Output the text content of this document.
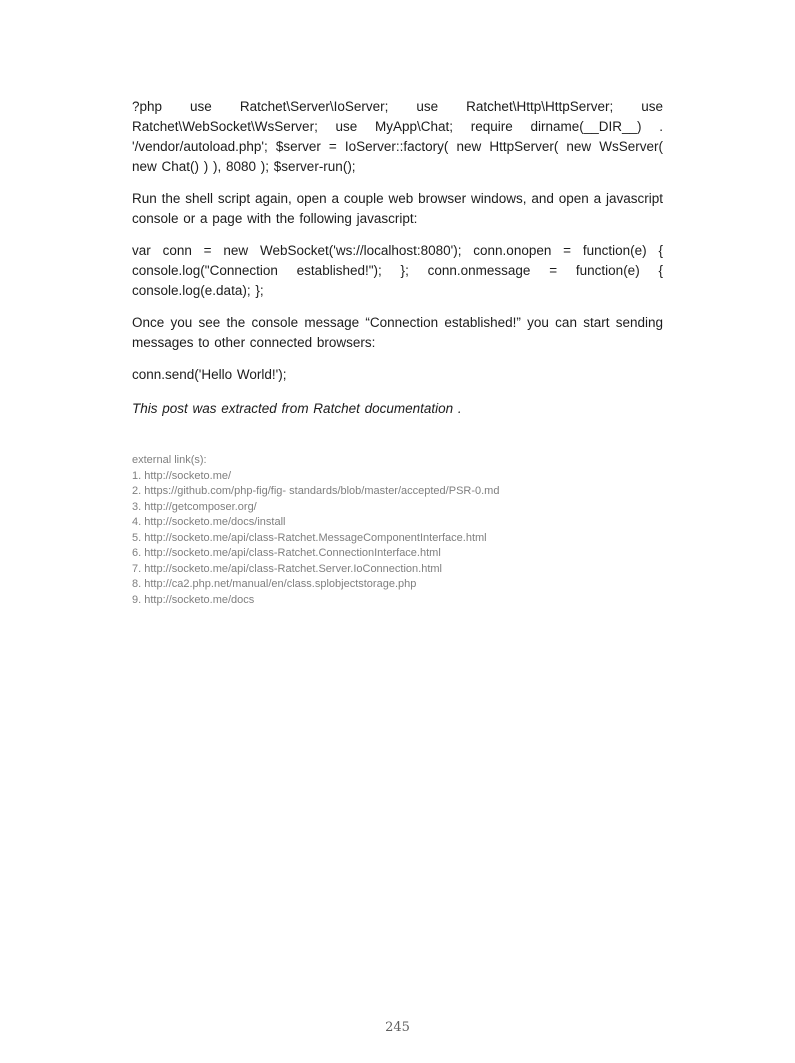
?php use Ratchet\Server\IoServer; use Ratchet\Http\HttpServer; use Ratchet\WebSocket\WsServer; use MyApp\Chat; require dirname(__DIR__) . '/vendor/autoload.php'; $server = IoServer::factory( new HttpServer( new WsServer( new Chat() ) ), 8080 ); $server-run();

Run the shell script again, open a couple web browser windows, and open a javascript console or a page with the following javascript:

var conn = new WebSocket('ws://localhost:8080'); conn.onopen = function(e) { console.log("Connection established!"); }; conn.onmessage = function(e) { console.log(e.data); };

Once you see the console message “Connection established!” you can start sending messages to other connected browsers:

conn.send('Hello World!');

This post was extracted from Ratchet documentation .

external link(s):
1. http://socketo.me/
2. https://github.com/php-fig/fig- standards/blob/master/accepted/PSR-0.md
3. http://getcomposer.org/
4. http://socketo.me/docs/install
5. http://socketo.me/api/class-Ratchet.MessageComponentInterface.html
6. http://socketo.me/api/class-Ratchet.ConnectionInterface.html
7. http://socketo.me/api/class-Ratchet.Server.IoConnection.html
8. http://ca2.php.net/manual/en/class.splobjectstorage.php
9. http://socketo.me/docs
245
